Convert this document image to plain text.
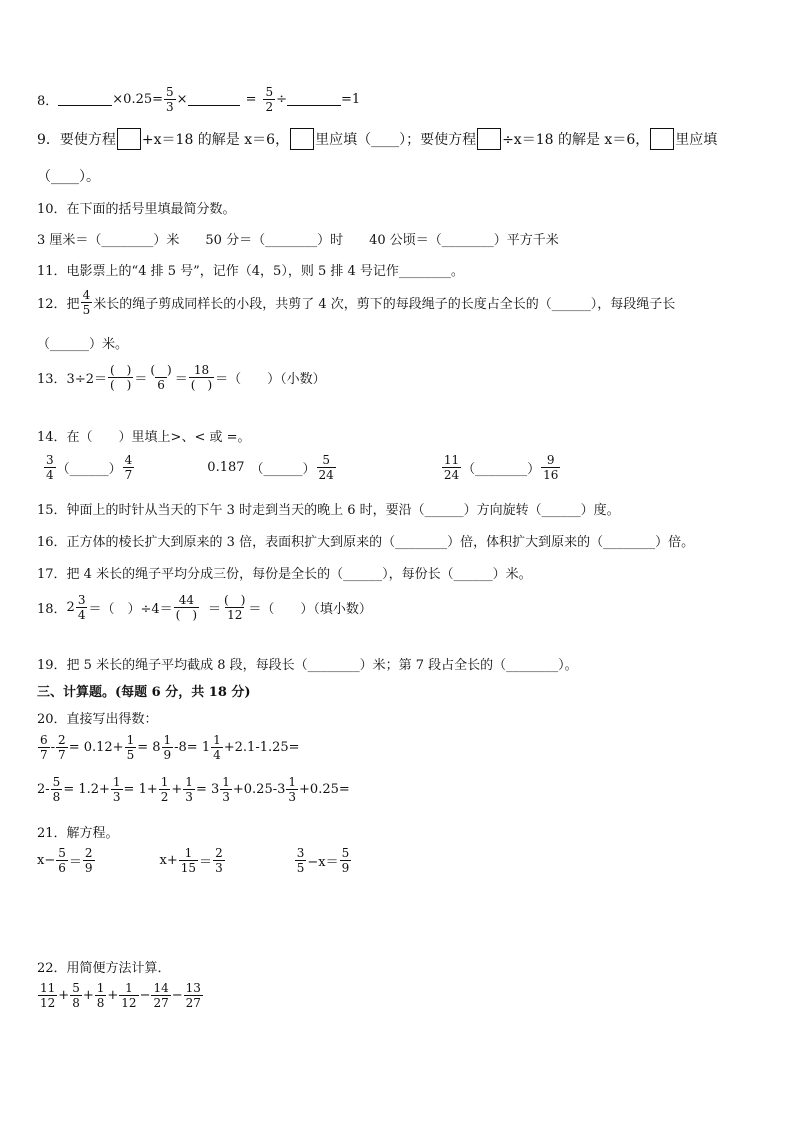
8．	$\times 0.25= \frac{5}{3}$ ×	= $\frac{5}{2}$ ÷	=1
9． 要使方程 +x＝18 的解是 x＝6， 里应填（____）；要使方程 ÷x＝18 的解是 x＝6， 里应填
（____）。
10． 在下面的括号里填最简分数。
3 厘米＝（________）米 50 分＝（________）时 40 公顷＝（________）平方千米
11． 电影票上的“4 排 5 号”，记作（4，5），则 5 排 4 号记作________。
12． 把 $\frac{4}{5}$ 米长的绳子剪成同样长的小段，共剪了 4 次，剪下的每段绳子的长度占全长的（______），每段绳子长
（______）米。
13． $3\div 2= \frac{( )}{( )} = \frac{( )}{6} = \frac{18}{( )}$ ＝（　　）（小数）
14． 在（　　）里填上>、< 或 =。
$\frac{3}{4}$ （______） $\frac{4}{7}$	0.187 （______） $\frac{5}{24}$	$\frac{11}{24}$ （________） $\frac{9}{16}$
15． 钟面上的时针从当天的下午 3 时走到当天的晚上 6 时，要沿（______）方向旋转（______）度。
16． 正方体的棱长扩大到原来的 3 倍，表面积扩大到原来的（________）倍，体积扩大到原来的（________）倍。
17． 把 4 米长的绳子平均分成三份，每份是全长的（______），每份长（______）米。
18． $2 \frac{3}{4}$ ＝（　）$\div 4= \frac{44}{( )} = \frac{( )}{12}$ ＝（　　）（填小数）
19． 把 5 米长的绳子平均截成 8 段，每段长（________）米；第 7 段占全长的（________）。
三、计算题。(每题 6 分，共 18 分)
20． 直接写出得数：
$\frac{6}{7} - \frac{2}{7} = 0.12+ \frac{1}{5} = 8 \frac{1}{9} -8= 1 \frac{1}{4} +2.1-1.25=$
$2- \frac{5}{8} = 1.2+ \frac{1}{3} = 1+ \frac{1}{2} + \frac{1}{3} = 3 \frac{1}{3} +0.25-3 \frac{1}{3} +0.25=$
21． 解方程。
$x- \frac{5}{6} = \frac{2}{9}$	$x+ \frac{1}{15} = \frac{2}{3}$	$\frac{3}{5} -x= \frac{5}{9}$
22． 用简便方法计算．
$\frac{11}{12} + \frac{5}{8} + \frac{1}{8} + \frac{1}{12} - \frac{14}{27} - \frac{13}{27}$
